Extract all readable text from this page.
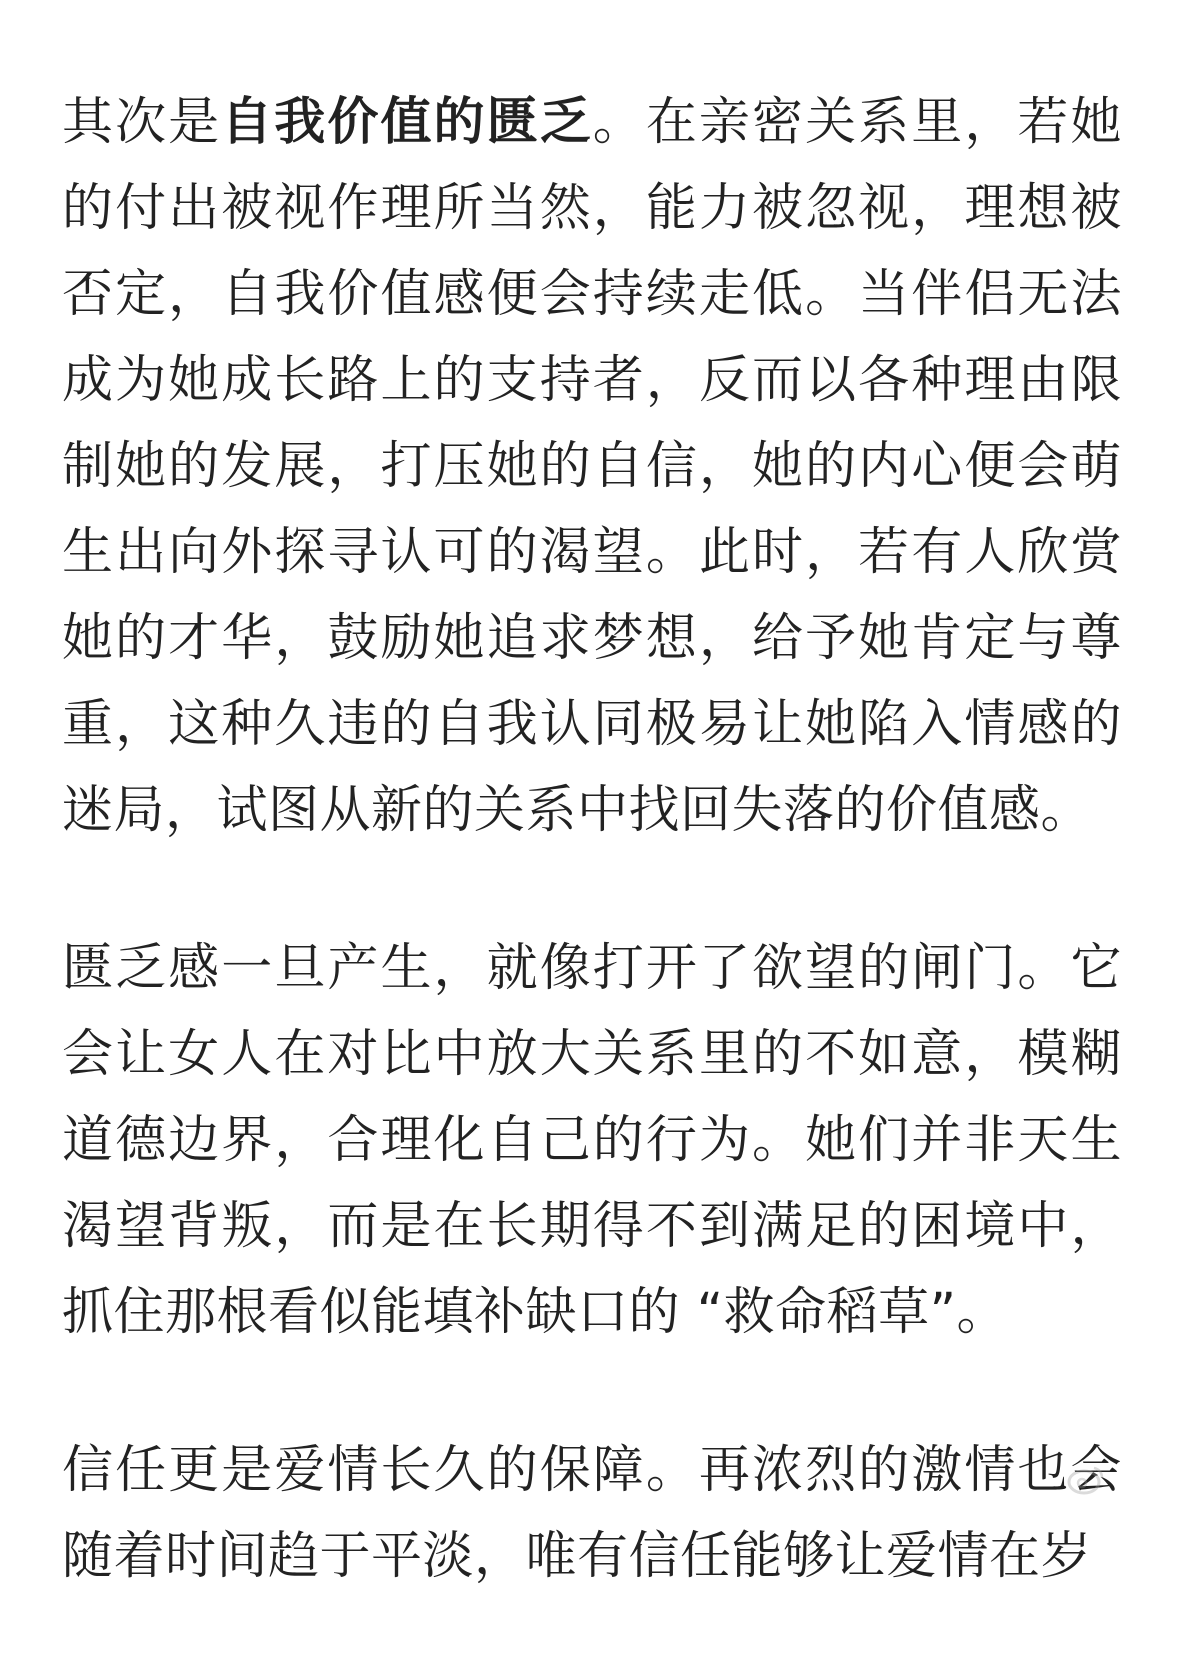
其次是自我价值的匮乏。在亲密关系里，若她的付出被视作理所当然，能力被忽视，理想被否定，自我价值感便会持续走低。当伴侣无法成为她成长路上的支持者，反而以各种理由限制她的发展，打压她的自信，她的内心便会萌生出向外探寻认可的渴望。此时，若有人欣赏她的才华，鼓励她追求梦想，给予她肯定与尊重，这种久违的自我认同极易让她陷入情感的迷局，试图从新的关系中找回失落的价值感。

匮乏感一旦产生，就像打开了欲望的闸门。它会让女人在对比中放大关系里的不如意，模糊道德边界，合理化自己的行为。她们并非天生渴望背叛，而是在长期得不到满足的困境中，抓住那根看似能填补缺口的 “救命稻草”。

信任更是爱情长久的保障。再浓烈的激情也会随着时间趋于平淡，唯有信任能够让爱情在岁
